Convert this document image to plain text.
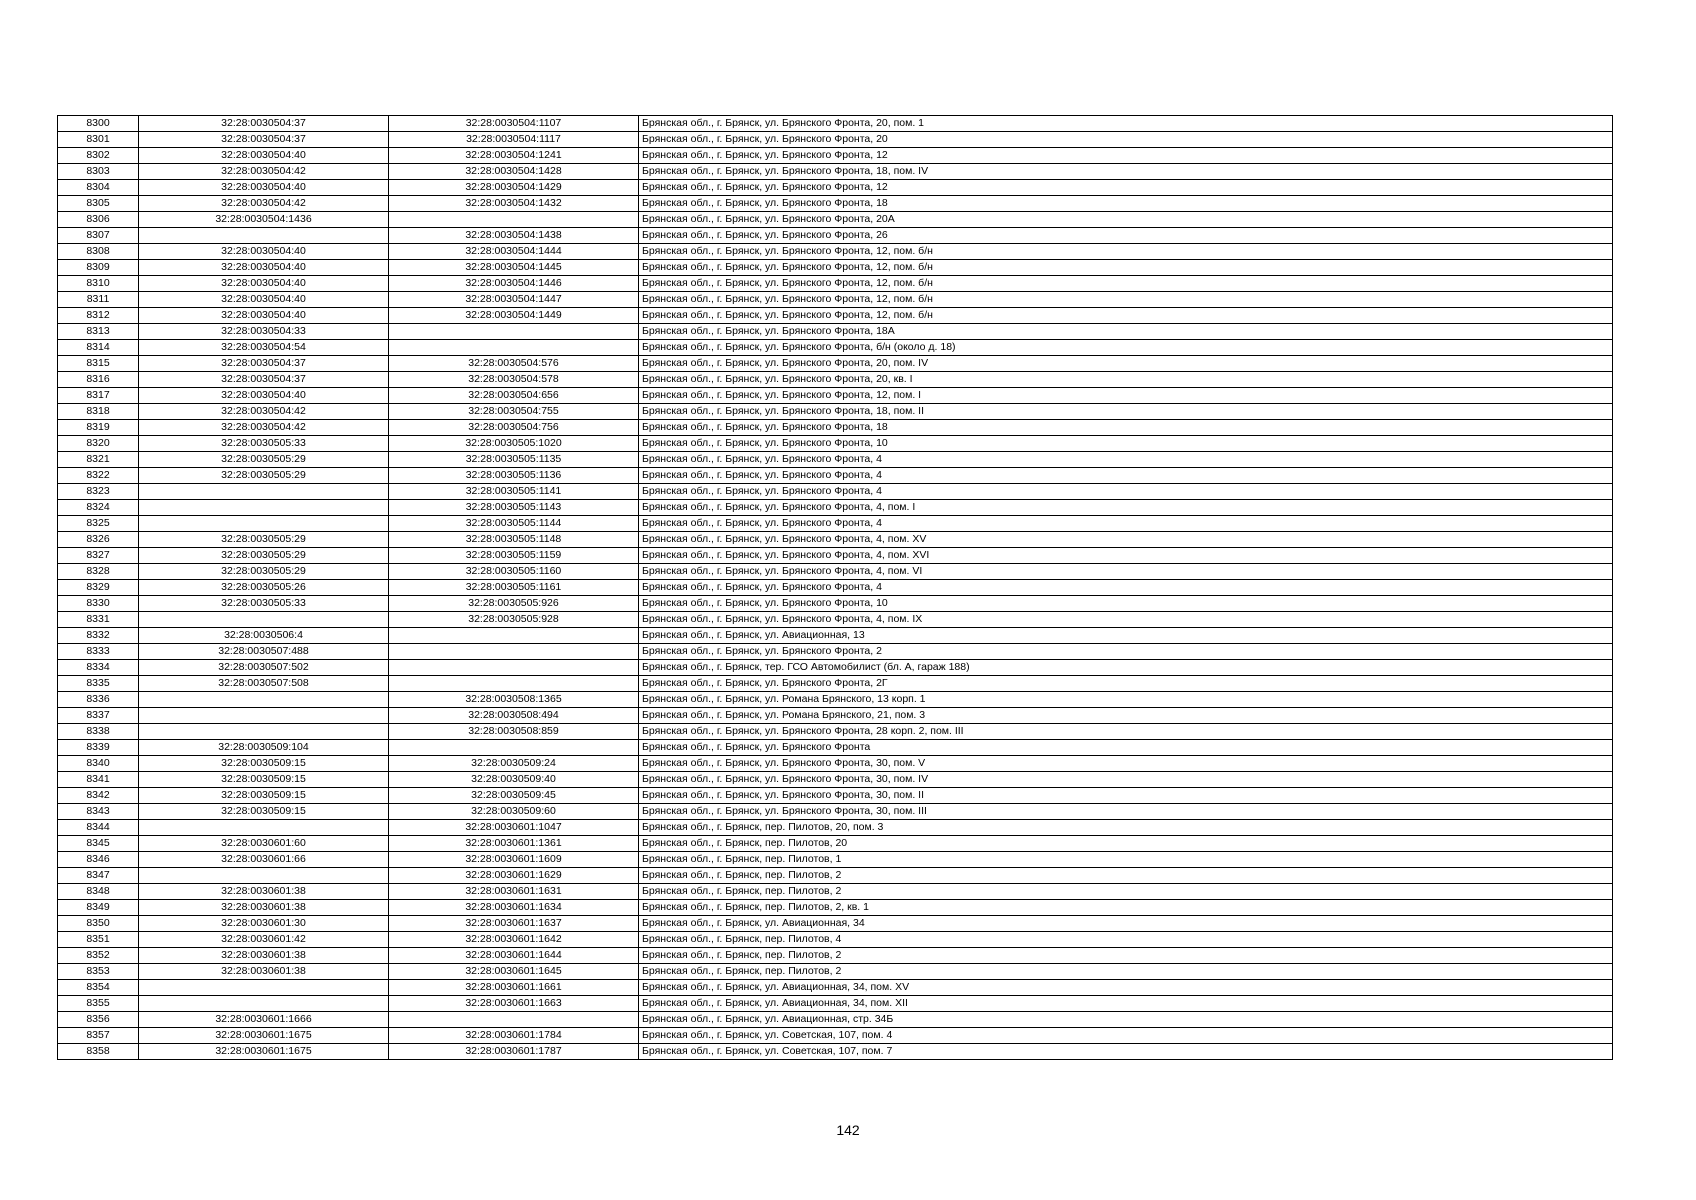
8300	32:28:0030504:37	32:28:0030504:1107	Брянская обл., г. Брянск, ул. Брянского Фронта, 20, пом. 1
8301	32:28:0030504:37	32:28:0030504:1117	Брянская обл., г. Брянск, ул. Брянского Фронта, 20
8302	32:28:0030504:40	32:28:0030504:1241	Брянская обл., г. Брянск, ул. Брянского Фронта, 12
8303	32:28:0030504:42	32:28:0030504:1428	Брянская обл., г. Брянск, ул. Брянского Фронта, 18, пом. IV
8304	32:28:0030504:40	32:28:0030504:1429	Брянская обл., г. Брянск, ул. Брянского Фронта, 12
8305	32:28:0030504:42	32:28:0030504:1432	Брянская обл., г. Брянск, ул. Брянского Фронта, 18
8306	32:28:0030504:1436		Брянская обл., г. Брянск, ул. Брянского Фронта, 20А
8307		32:28:0030504:1438	Брянская обл., г. Брянск, ул. Брянского Фронта, 26
8308	32:28:0030504:40	32:28:0030504:1444	Брянская обл., г. Брянск, ул. Брянского Фронта, 12, пом. б/н
8309	32:28:0030504:40	32:28:0030504:1445	Брянская обл., г. Брянск, ул. Брянского Фронта, 12, пом. б/н
8310	32:28:0030504:40	32:28:0030504:1446	Брянская обл., г. Брянск, ул. Брянского Фронта, 12, пом. б/н
8311	32:28:0030504:40	32:28:0030504:1447	Брянская обл., г. Брянск, ул. Брянского Фронта, 12, пом. б/н
8312	32:28:0030504:40	32:28:0030504:1449	Брянская обл., г. Брянск, ул. Брянского Фронта, 12, пом. б/н
8313	32:28:0030504:33		Брянская обл., г. Брянск, ул. Брянского Фронта, 18А
8314	32:28:0030504:54		Брянская обл., г. Брянск, ул. Брянского Фронта, б/н (около д. 18)
8315	32:28:0030504:37	32:28:0030504:576	Брянская обл., г. Брянск, ул. Брянского Фронта, 20, пом. IV
8316	32:28:0030504:37	32:28:0030504:578	Брянская обл., г. Брянск, ул. Брянского Фронта, 20, кв. I
8317	32:28:0030504:40	32:28:0030504:656	Брянская обл., г. Брянск, ул. Брянского Фронта, 12, пом. I
8318	32:28:0030504:42	32:28:0030504:755	Брянская обл., г. Брянск, ул. Брянского Фронта, 18, пом. II
8319	32:28:0030504:42	32:28:0030504:756	Брянская обл., г. Брянск, ул. Брянского Фронта, 18
8320	32:28:0030505:33	32:28:0030505:1020	Брянская обл., г. Брянск, ул. Брянского Фронта, 10
8321	32:28:0030505:29	32:28:0030505:1135	Брянская обл., г. Брянск, ул. Брянского Фронта, 4
8322	32:28:0030505:29	32:28:0030505:1136	Брянская обл., г. Брянск, ул. Брянского Фронта, 4
8323		32:28:0030505:1141	Брянская обл., г. Брянск, ул. Брянского Фронта, 4
8324		32:28:0030505:1143	Брянская обл., г. Брянск, ул. Брянского Фронта, 4, пом. I
8325		32:28:0030505:1144	Брянская обл., г. Брянск, ул. Брянского Фронта, 4
8326	32:28:0030505:29	32:28:0030505:1148	Брянская обл., г. Брянск, ул. Брянского Фронта, 4, пом. XV
8327	32:28:0030505:29	32:28:0030505:1159	Брянская обл., г. Брянск, ул. Брянского Фронта, 4, пом. XVI
8328	32:28:0030505:29	32:28:0030505:1160	Брянская обл., г. Брянск, ул. Брянского Фронта, 4, пом. VI
8329	32:28:0030505:26	32:28:0030505:1161	Брянская обл., г. Брянск, ул. Брянского Фронта, 4
8330	32:28:0030505:33	32:28:0030505:926	Брянская обл., г. Брянск, ул. Брянского Фронта, 10
8331		32:28:0030505:928	Брянская обл., г. Брянск, ул. Брянского Фронта, 4, пом. IX
8332	32:28:0030506:4		Брянская обл., г. Брянск, ул. Авиационная, 13
8333	32:28:0030507:488		Брянская обл., г. Брянск, ул. Брянского Фронта, 2
8334	32:28:0030507:502		Брянская обл., г. Брянск, тер. ГСО Автомобилист (бл. А, гараж 188)
8335	32:28:0030507:508		Брянская обл., г. Брянск, ул. Брянского Фронта, 2Г
8336		32:28:0030508:1365	Брянская обл., г. Брянск, ул. Романа Брянского, 13 корп. 1
8337		32:28:0030508:494	Брянская обл., г. Брянск, ул. Романа Брянского, 21, пом. 3
8338		32:28:0030508:859	Брянская обл., г. Брянск, ул. Брянского Фронта, 28 корп. 2, пом. III
8339	32:28:0030509:104		Брянская обл., г. Брянск, ул. Брянского Фронта
8340	32:28:0030509:15	32:28:0030509:24	Брянская обл., г. Брянск, ул. Брянского Фронта, 30, пом. V
8341	32:28:0030509:15	32:28:0030509:40	Брянская обл., г. Брянск, ул. Брянского Фронта, 30, пом. IV
8342	32:28:0030509:15	32:28:0030509:45	Брянская обл., г. Брянск, ул. Брянского Фронта, 30, пом. II
8343	32:28:0030509:15	32:28:0030509:60	Брянская обл., г. Брянск, ул. Брянского Фронта, 30, пом. III
8344		32:28:0030601:1047	Брянская обл., г. Брянск, пер. Пилотов, 20, пом. 3
8345	32:28:0030601:60	32:28:0030601:1361	Брянская обл., г. Брянск, пер. Пилотов, 20
8346	32:28:0030601:66	32:28:0030601:1609	Брянская обл., г. Брянск, пер. Пилотов, 1
8347		32:28:0030601:1629	Брянская обл., г. Брянск, пер. Пилотов, 2
8348	32:28:0030601:38	32:28:0030601:1631	Брянская обл., г. Брянск, пер. Пилотов, 2
8349	32:28:0030601:38	32:28:0030601:1634	Брянская обл., г. Брянск, пер. Пилотов, 2, кв. 1
8350	32:28:0030601:30	32:28:0030601:1637	Брянская обл., г. Брянск, ул. Авиационная, 34
8351	32:28:0030601:42	32:28:0030601:1642	Брянская обл., г. Брянск, пер. Пилотов, 4
8352	32:28:0030601:38	32:28:0030601:1644	Брянская обл., г. Брянск, пер. Пилотов, 2
8353	32:28:0030601:38	32:28:0030601:1645	Брянская обл., г. Брянск, пер. Пилотов, 2
8354		32:28:0030601:1661	Брянская обл., г. Брянск, ул. Авиационная, 34, пом. XV
8355		32:28:0030601:1663	Брянская обл., г. Брянск, ул. Авиационная, 34, пом. XII
8356	32:28:0030601:1666		Брянская обл., г. Брянск, ул. Авиационная, стр. 34Б
8357	32:28:0030601:1675	32:28:0030601:1784	Брянская обл., г. Брянск, ул. Советская, 107, пом. 4
8358	32:28:0030601:1675	32:28:0030601:1787	Брянская обл., г. Брянск, ул. Советская, 107, пом. 7
142
